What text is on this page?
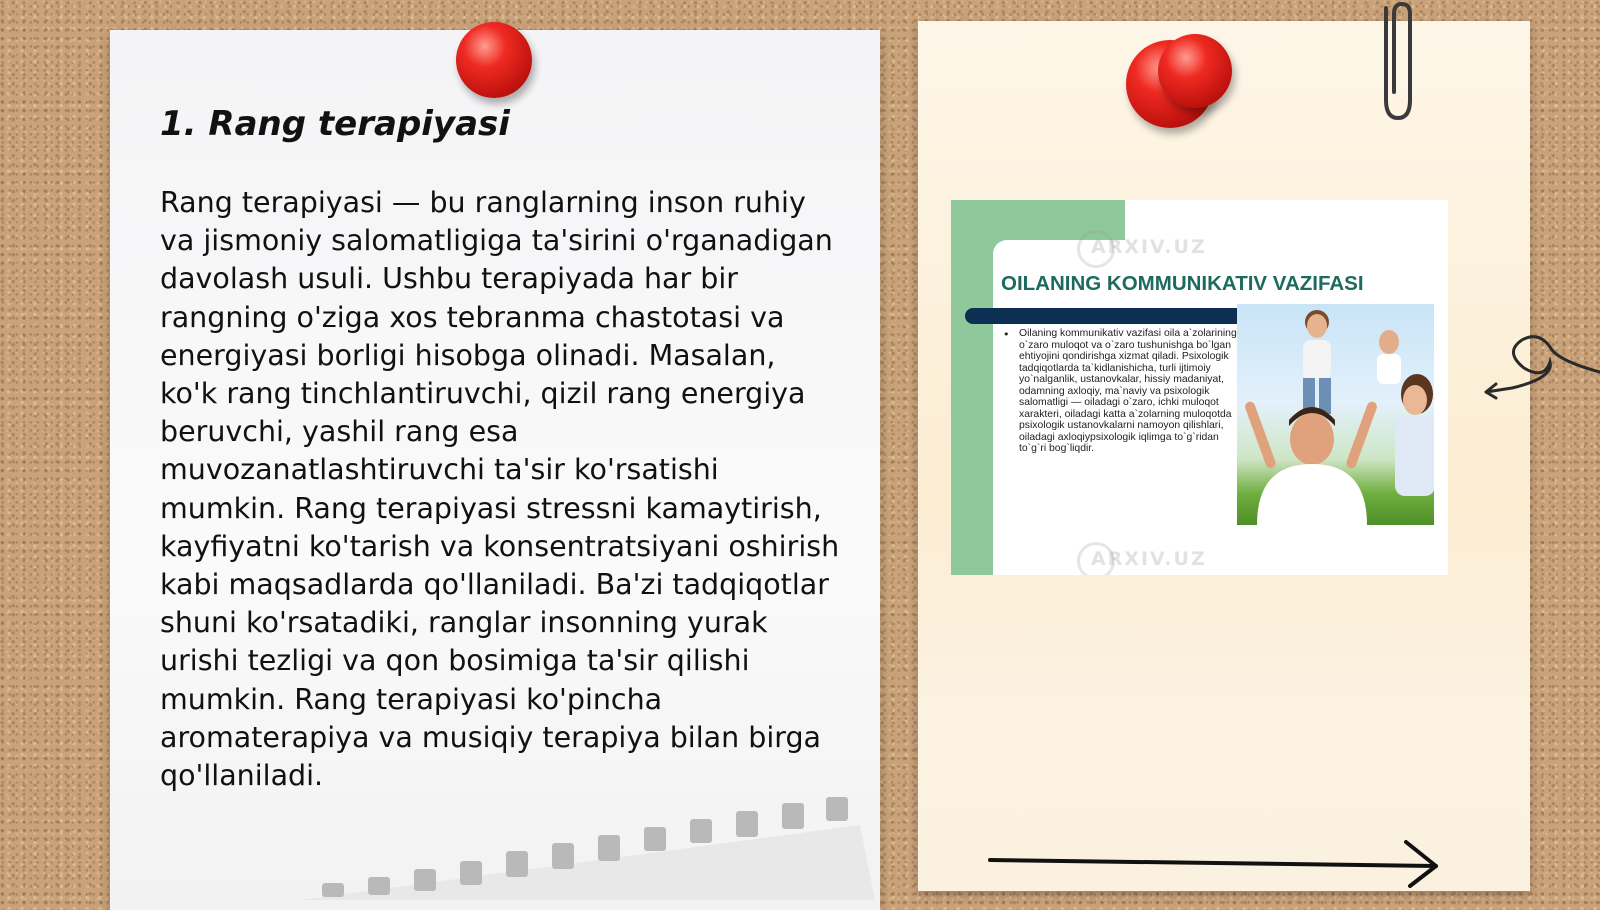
1. Rang terapiyasi

Rang terapiyasi — bu ranglarning inson ruhiy va jismoniy salomatligiga ta'sirini o'rganadigan davolash usuli. Ushbu terapiyada har bir rangning o'ziga xos tebranma chastotasi va energiyasi borligi hisobga olinadi. Masalan, ko'k rang tinchlantiruvchi, qizil rang energiya beruvchi, yashil rang esa muvozanatlashtiruvchi ta'sir ko'rsatishi mumkin. Rang terapiyasi stressni kamaytirish, kayfiyatni ko'tarish va konsentratsiyani oshirish kabi maqsadlarda qo'llaniladi. Ba'zi tadqiqotlar shuni ko'rsatadiki, ranglar insonning yurak urishi tezligi va qon bosimiga ta'sir qilishi mumkin. Rang terapiyasi ko'pincha aromaterapiya va musiqiy terapiya bilan birga qo'llaniladi.

ARXIV.UZ
OILANING KOMMUNIKATIV VAZIFASI
• Oilaning kommunikativ vazifasi oila a`zolarining o`zaro muloqot va o`zaro tushunishga bo`lgan ehtiyojini qondirishga xizmat qiladi. Psixologik tadqiqotlarda ta`kidlanishicha, turli ijtimoiy yo`nalganlik, ustanovkalar, hissiy madaniyat, odamning axloqiy, ma`naviy va psixologik salomatligi — oiladagi o`zaro, ichki muloqot xarakteri, oiladagi katta a`zolarning muloqotda psixologik ustanovkalarni namoyon qilishlari, oiladagi axloqiypsixologik iqlimga to`g`ridan to`g`ri bog`liqdir.

ARXIV.UZ
